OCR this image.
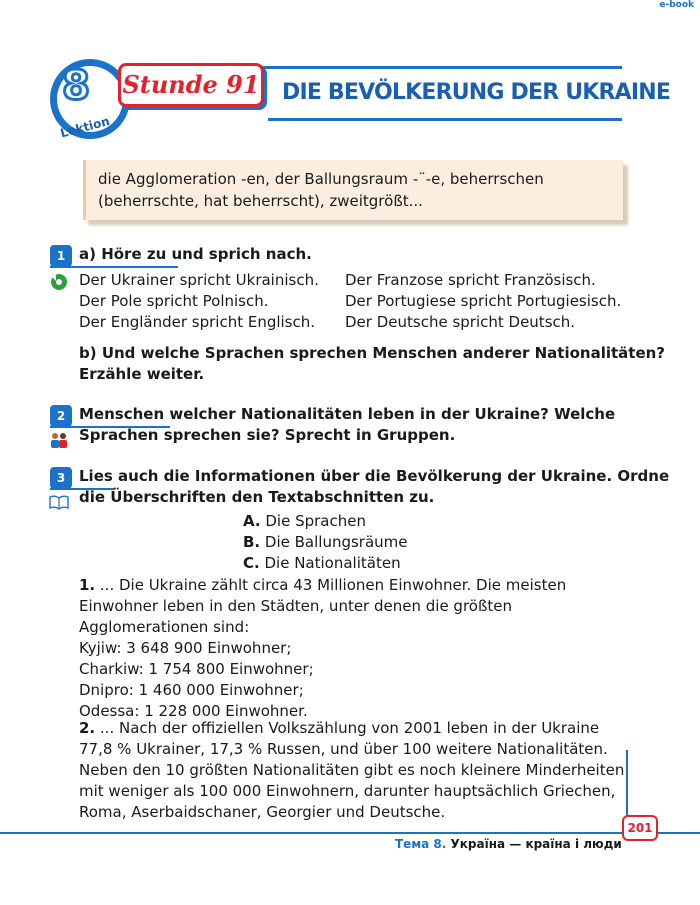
e-book
8
Lektion
Stunde 91 DIE BEVÖLKERUNG DER UKRAINE
die Agglomeration -en, der Ballungsraum -¨-e, beherrschen
(beherrschte, hat beherrscht), zweitgrößt...
1 a) Höre zu und sprich nach.
Der Ukrainer spricht Ukrainisch.
Der Pole spricht Polnisch.
Der Engländer spricht Englisch.
Der Franzose spricht Französisch.
Der Portugiese spricht Portugiesisch.
Der Deutsche spricht Deutsch.
b) Und welche Sprachen sprechen Menschen anderer Nationalitäten?
Erzähle weiter.
2 Menschen welcher Nationalitäten leben in der Ukraine? Welche
Sprachen sprechen sie? Sprecht in Gruppen.
3 Lies auch die Informationen über die Bevölkerung der Ukraine. Ordne
die Überschriften den Textabschnitten zu.
A. Die Sprachen
B. Die Ballungsräume
C. Die Nationalitäten
1. ... Die Ukraine zählt circa 43 Millionen Einwohner. Die meisten
Einwohner leben in den Städten, unter denen die größten
Agglomerationen sind:
Kyjiw: 3 648 900 Einwohner;
Charkiw: 1 754 800 Einwohner;
Dnipro: 1 460 000 Einwohner;
Odessa: 1 228 000 Einwohner.
2. ... Nach der offiziellen Volkszählung von 2001 leben in der Ukraine
77,8 % Ukrainer, 17,3 % Russen, und über 100 weitere Nationalitäten.
Neben den 10 größten Nationalitäten gibt es noch kleinere Minderheiten
mit weniger als 100 000 Einwohnern, darunter hauptsächlich Griechen,
Roma, Aserbaidschaner, Georgier und Deutsche.
201
Тема 8. Україна — країна і люди
